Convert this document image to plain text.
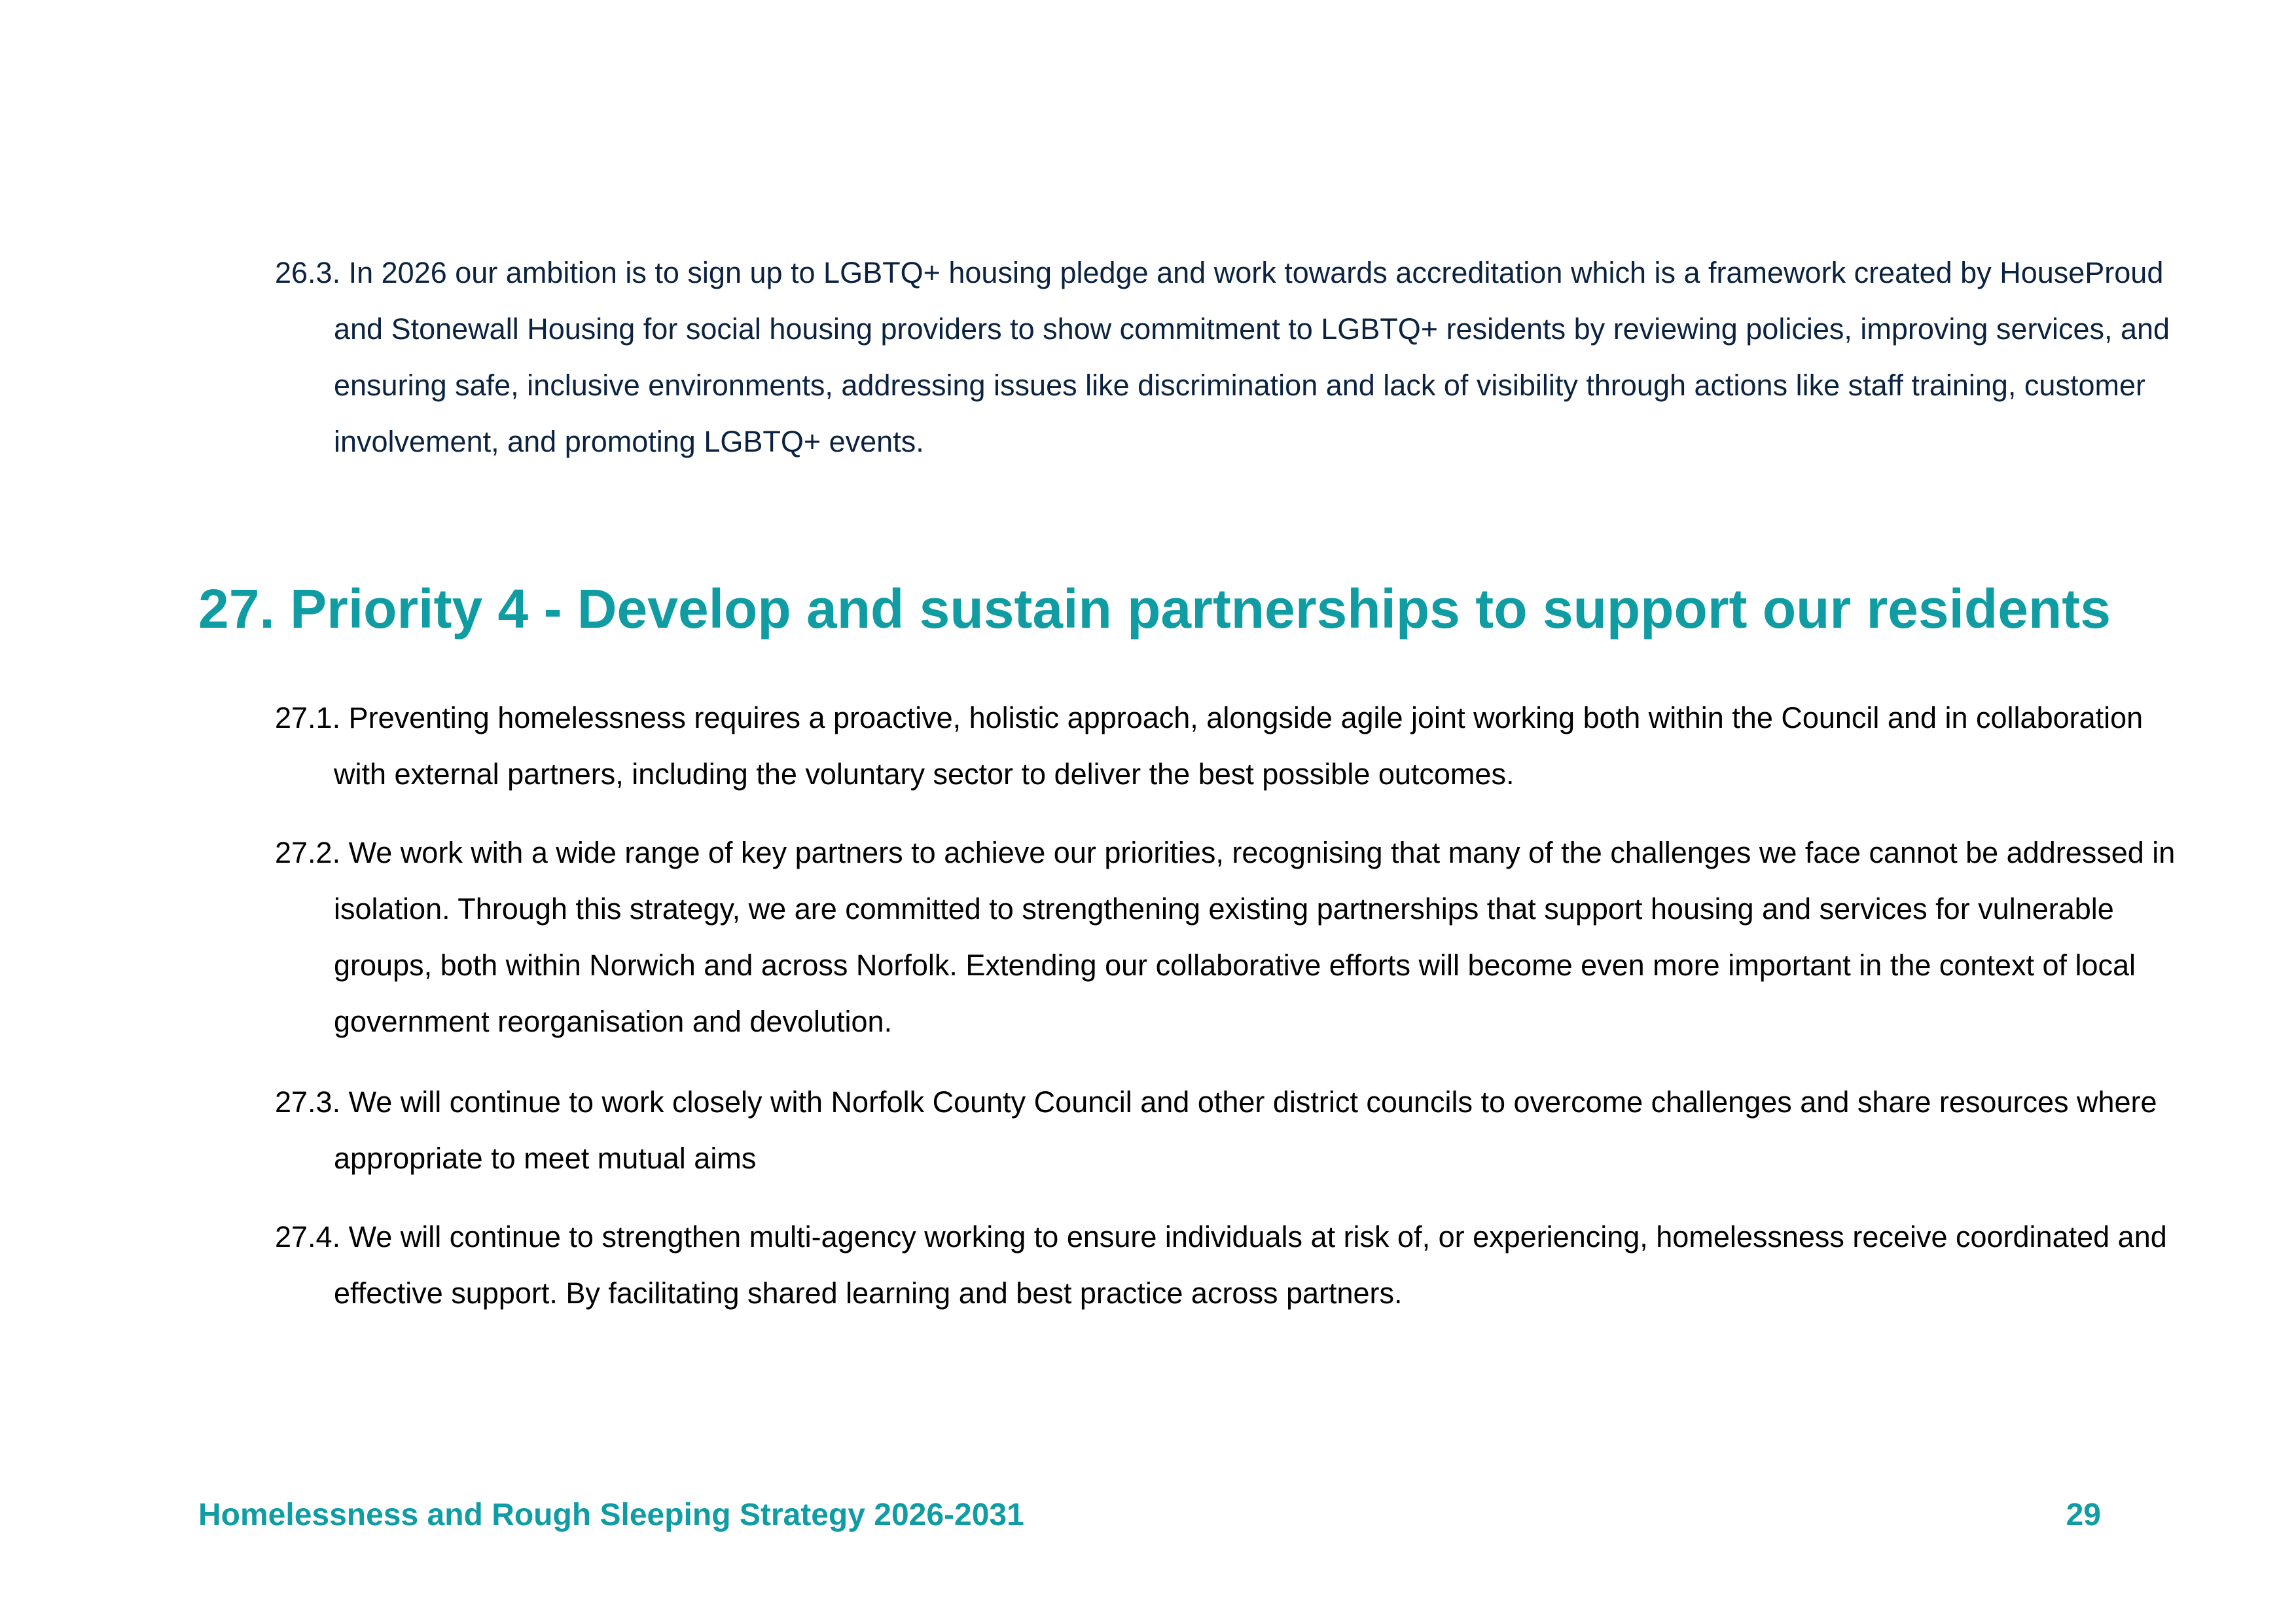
26.3. In 2026 our ambition is to sign up to LGBTQ+ housing pledge and work towards accreditation which is a framework created by HouseProud and Stonewall Housing for social housing providers to show commitment to LGBTQ+ residents by reviewing policies, improving services, and ensuring safe, inclusive environments, addressing issues like discrimination and lack of visibility through actions like staff training, customer involvement, and promoting LGBTQ+ events.

27. Priority 4 - Develop and sustain partnerships to support our residents

27.1. Preventing homelessness requires a proactive, holistic approach, alongside agile joint working both within the Council and in collaboration with external partners, including the voluntary sector to deliver the best possible outcomes.

27.2. We work with a wide range of key partners to achieve our priorities, recognising that many of the challenges we face cannot be addressed in isolation. Through this strategy, we are committed to strengthening existing partnerships that support housing and services for vulnerable groups, both within Norwich and across Norfolk. Extending our collaborative efforts will become even more important in the context of local government reorganisation and devolution.

27.3. We will continue to work closely with Norfolk County Council and other district councils to overcome challenges and share resources where appropriate to meet mutual aims

27.4. We will continue to strengthen multi-agency working to ensure individuals at risk of, or experiencing, homelessness receive coordinated and effective support. By facilitating shared learning and best practice across partners.

Homelessness and Rough Sleeping Strategy 2026-2031	29
